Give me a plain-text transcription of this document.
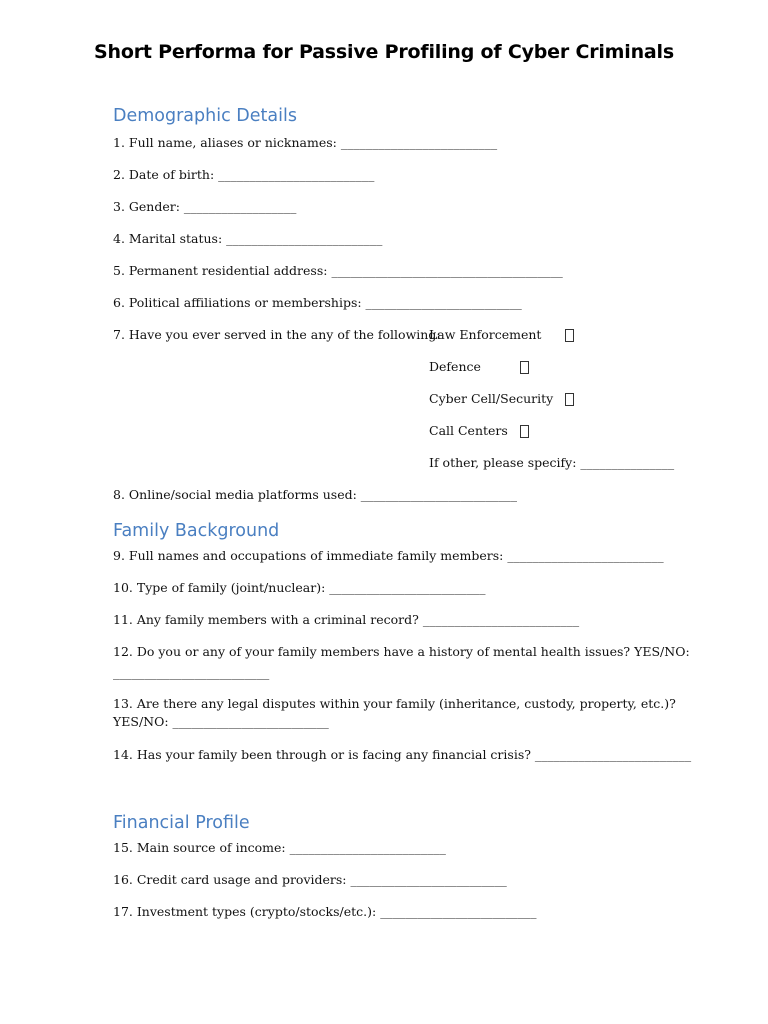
Short Performa for Passive Profiling of Cyber Criminals
Demographic Details
1. Full name, aliases or nicknames: _________________________
2. Date of birth: _________________________
3. Gender: __________________
4. Marital status: _________________________
5. Permanent residential address: _____________________________________
6. Political affiliations or memberships: _________________________
7. Have you ever served in the any of the following:
Law Enforcement
Defence
Cyber Cell/Security
Call Centers
If other, please specify: _______________
8. Online/social media platforms used: _________________________
Family Background
9. Full names and occupations of immediate family members: _________________________
10. Type of family (joint/nuclear): _________________________
11. Any family members with a criminal record? _________________________
12. Do you or any of your family members have a history of mental health issues? YES/NO:
_________________________
13. Are there any legal disputes within your family (inheritance, custody, property, etc.)?
YES/NO: _________________________
14. Has your family been through or is facing any financial crisis? _________________________
Financial Profile
15. Main source of income: _________________________
16. Credit card usage and providers: _________________________
17. Investment types (crypto/stocks/etc.): _________________________
